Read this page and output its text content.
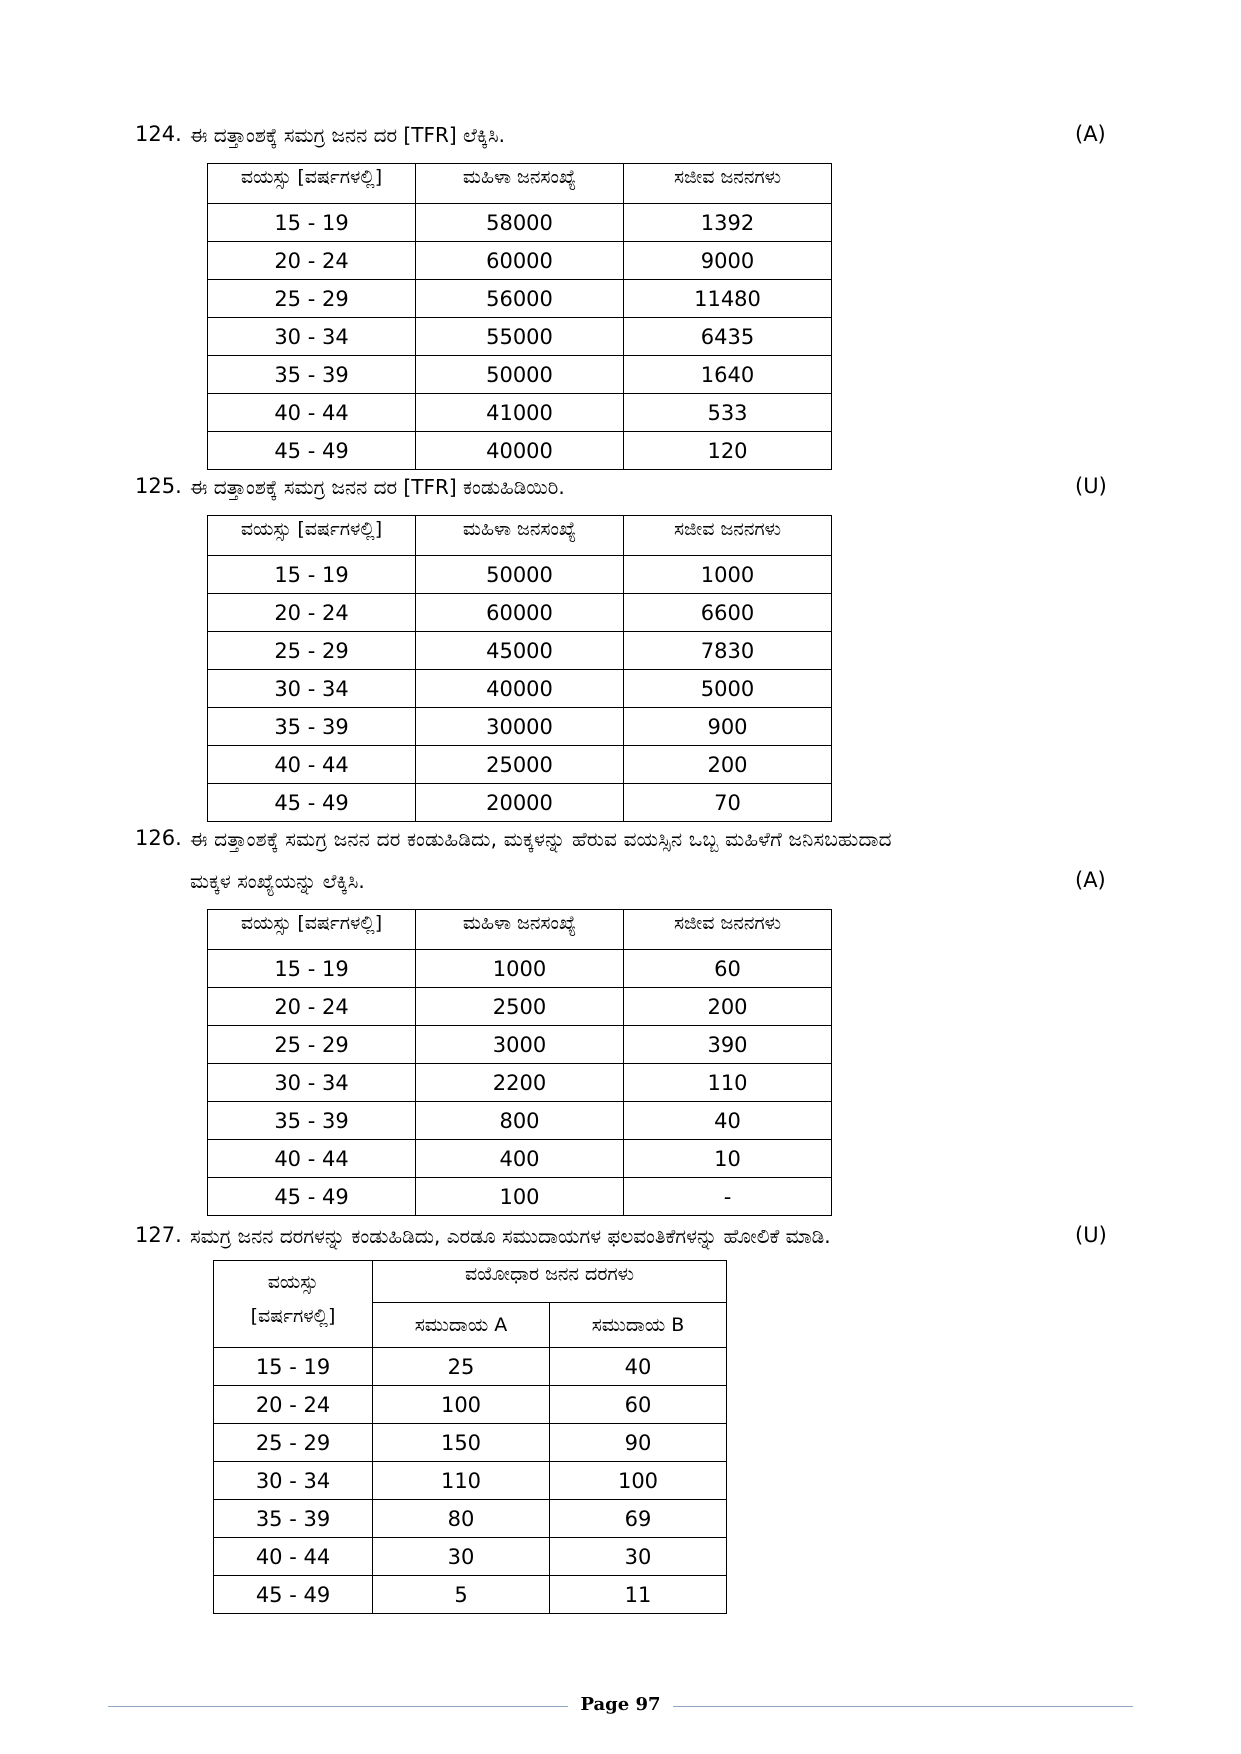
124. ಈ ದತ್ತಾಂಶಕ್ಕೆ ಸಮಗ್ರ ಜನನ ದರ [TFR] ಲೆಕ್ಕಿಸಿ.	(A)
ವಯಸ್ಸು [ವರ್ಷಗಳಲ್ಲಿ]	ಮಹಿಳಾ ಜನಸಂಖ್ಯೆ	ಸಜೀವ ಜನನಗಳು
15 - 19	58000	1392
20 - 24	60000	9000
25 - 29	56000	11480
30 - 34	55000	6435
35 - 39	50000	1640
40 - 44	41000	533
45 - 49	40000	120
125. ಈ ದತ್ತಾಂಶಕ್ಕೆ ಸಮಗ್ರ ಜನನ ದರ [TFR] ಕಂಡುಹಿಡಿಯಿರಿ.	(U)
ವಯಸ್ಸು [ವರ್ಷಗಳಲ್ಲಿ]	ಮಹಿಳಾ ಜನಸಂಖ್ಯೆ	ಸಜೀವ ಜನನಗಳು
15 - 19	50000	1000
20 - 24	60000	6600
25 - 29	45000	7830
30 - 34	40000	5000
35 - 39	30000	900
40 - 44	25000	200
45 - 49	20000	70
126. ಈ ದತ್ತಾಂಶಕ್ಕೆ ಸಮಗ್ರ ಜನನ ದರ ಕಂಡುಹಿಡಿದು, ಮಕ್ಕಳನ್ನು ಹೆರುವ ವಯಸ್ಸಿನ ಒಬ್ಬ ಮಹಿಳೆಗೆ ಜನಿಸಬಹುದಾದ
ಮಕ್ಕಳ ಸಂಖ್ಯೆಯನ್ನು ಲೆಕ್ಕಿಸಿ.	(A)
ವಯಸ್ಸು [ವರ್ಷಗಳಲ್ಲಿ]	ಮಹಿಳಾ ಜನಸಂಖ್ಯೆ	ಸಜೀವ ಜನನಗಳು
15 - 19	1000	60
20 - 24	2500	200
25 - 29	3000	390
30 - 34	2200	110
35 - 39	800	40
40 - 44	400	10
45 - 49	100	-
127. ಸಮಗ್ರ ಜನನ ದರಗಳನ್ನು ಕಂಡುಹಿಡಿದು, ಎರಡೂ ಸಮುದಾಯಗಳ ಫಲವಂತಿಕೆಗಳನ್ನು ಹೋಲಿಕೆ ಮಾಡಿ.	(U)
ವಯಸ್ಸು
[ವರ್ಷಗಳಲ್ಲಿ]	ವಯೋಧಾರ ಜನನ ದರಗಳು	
	ಸಮುದಾಯ A	ಸಮುದಾಯ B
15 - 19	25	40
20 - 24	100	60
25 - 29	150	90
30 - 34	110	100
35 - 39	80	69
40 - 44	30	30
45 - 49	5	11
Page 97
